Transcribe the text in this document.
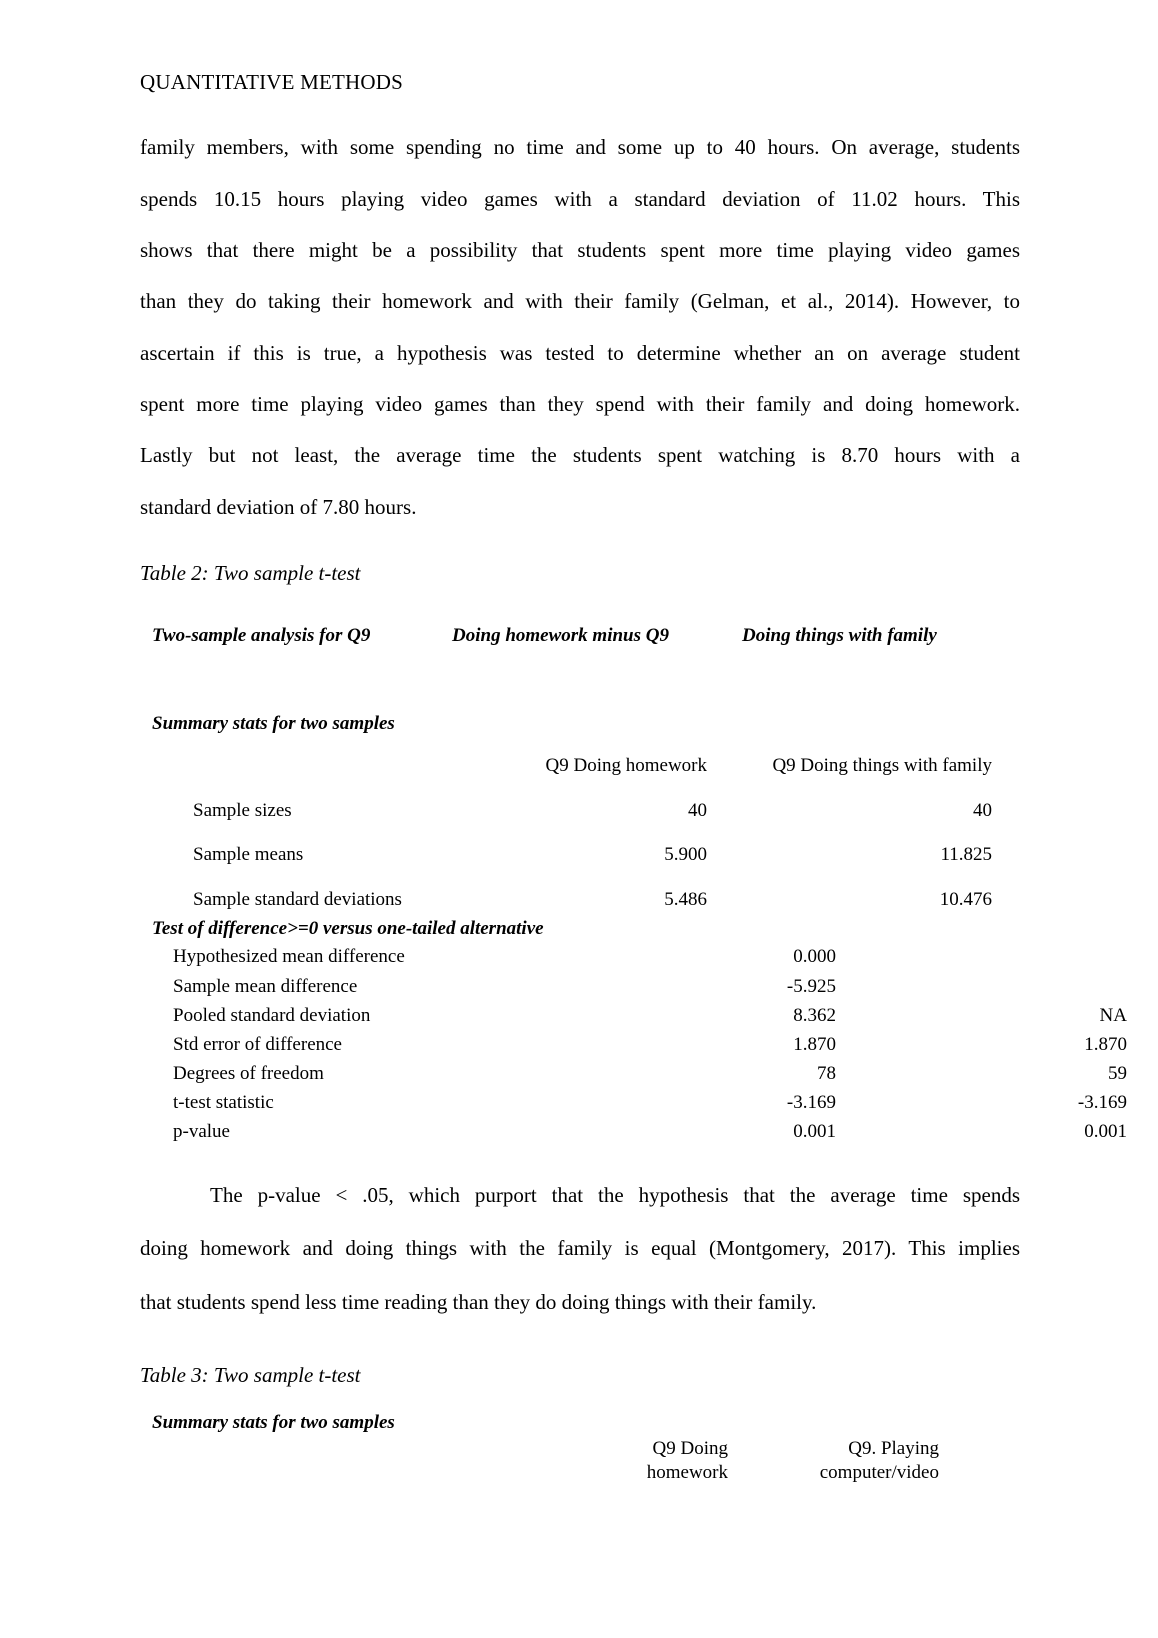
QUANTITATIVE METHODS
family members, with some spending no time and some up to 40 hours. On average, students
spends 10.15 hours playing video games with a standard deviation of 11.02 hours. This
shows that there might be a possibility that students spent more time playing video games
than they do taking their homework and with their family (Gelman, et al., 2014). However, to
ascertain if this is true, a hypothesis was tested to determine whether an on average student
spent more time playing video games than they spend with their family and doing homework.
Lastly but not least, the average time the students spent watching is 8.70 hours with a
standard deviation of 7.80 hours.
Table 2: Two sample t-test
Two-sample analysis for Q9	Doing homework minus Q9	Doing things with family
Summary stats for two samples
Q9 Doing homework	Q9 Doing things with family
Sample sizes	40	40
Sample means	5.900	11.825
Sample standard deviations	5.486	10.476
Test of difference>=0 versus one-tailed alternative
Hypothesized mean difference	0.000
Sample mean difference	-5.925
Pooled standard deviation	8.362	NA
Std error of difference	1.870	1.870
Degrees of freedom	78	59
t-test statistic	-3.169	-3.169
p-value	0.001	0.001
The p-value < .05, which purport that the hypothesis that the average time spends
doing homework and doing things with the family is equal (Montgomery, 2017). This implies
that students spend less time reading than they do doing things with their family.
Table 3: Two sample t-test
Summary stats for two samples
Q9 Doing
homework
Q9. Playing
computer/video
